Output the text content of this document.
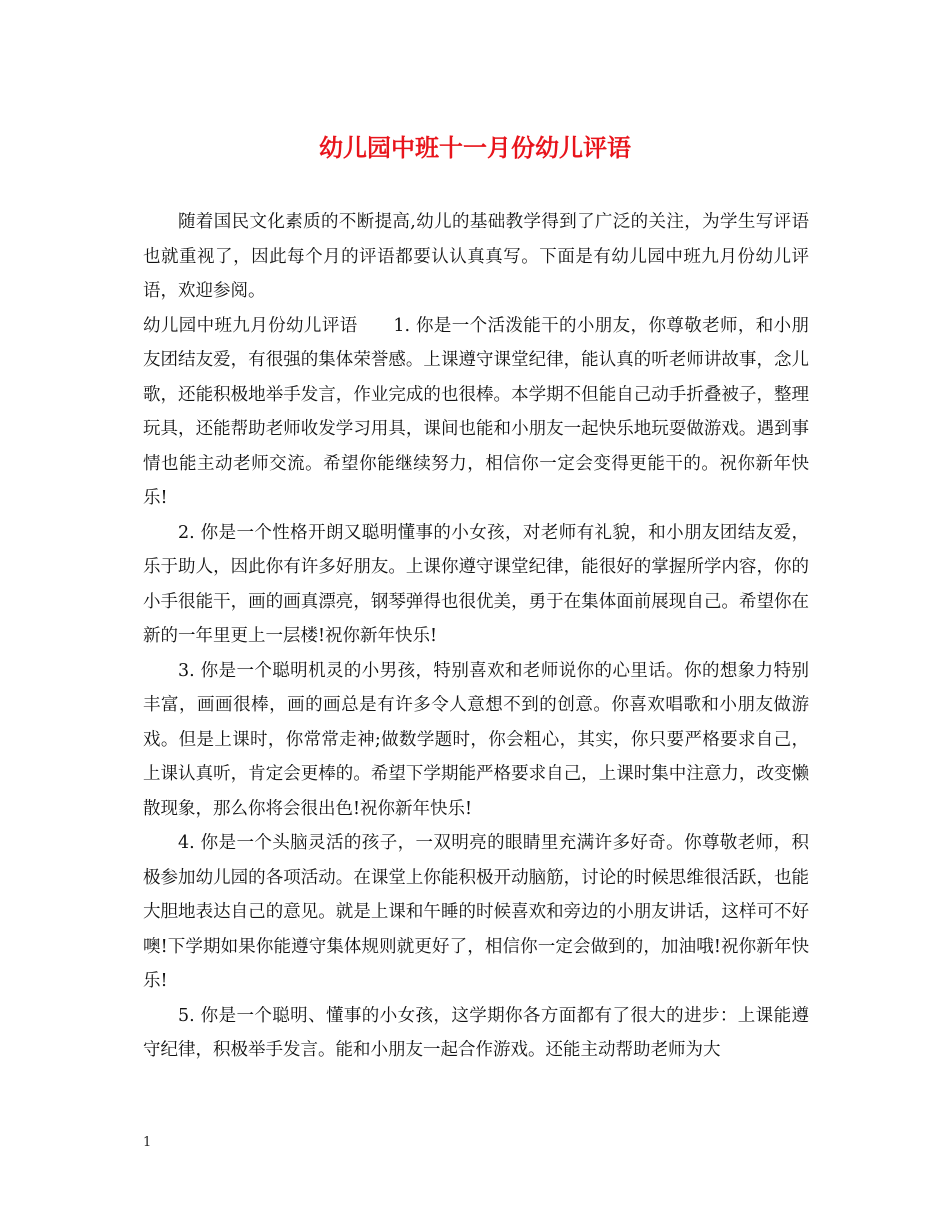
幼儿园中班十一月份幼儿评语

随着国民文化素质的不断提高,幼儿的基础教学得到了广泛的关注，为学生写评语也就重视了，因此每个月的评语都要认认真真写。下面是有幼儿园中班九月份幼儿评语，欢迎参阅。

幼儿园中班九月份幼儿评语　　1. 你是一个活泼能干的小朋友，你尊敬老师，和小朋友团结友爱，有很强的集体荣誉感。上课遵守课堂纪律，能认真的听老师讲故事，念儿歌，还能积极地举手发言，作业完成的也很棒。本学期不但能自己动手折叠被子，整理玩具，还能帮助老师收发学习用具，课间也能和小朋友一起快乐地玩耍做游戏。遇到事情也能主动老师交流。希望你能继续努力，相信你一定会变得更能干的。祝你新年快乐!

2. 你是一个性格开朗又聪明懂事的小女孩，对老师有礼貌，和小朋友团结友爱，乐于助人，因此你有许多好朋友。上课你遵守课堂纪律，能很好的掌握所学内容，你的小手很能干，画的画真漂亮，钢琴弹得也很优美，勇于在集体面前展现自己。希望你在新的一年里更上一层楼!祝你新年快乐!

3. 你是一个聪明机灵的小男孩，特别喜欢和老师说你的心里话。你的想象力特别丰富，画画很棒，画的画总是有许多令人意想不到的创意。你喜欢唱歌和小朋友做游戏。但是上课时，你常常走神;做数学题时，你会粗心，其实，你只要严格要求自己，上课认真听，肯定会更棒的。希望下学期能严格要求自己，上课时集中注意力，改变懒散现象，那么你将会很出色!祝你新年快乐!

4. 你是一个头脑灵活的孩子，一双明亮的眼睛里充满许多好奇。你尊敬老师，积极参加幼儿园的各项活动。在课堂上你能积极开动脑筋，讨论的时候思维很活跃，也能大胆地表达自己的意见。就是上课和午睡的时候喜欢和旁边的小朋友讲话，这样可不好噢!下学期如果你能遵守集体规则就更好了，相信你一定会做到的，加油哦!祝你新年快乐!

5. 你是一个聪明、懂事的小女孩，这学期你各方面都有了很大的进步：上课能遵守纪律，积极举手发言。能和小朋友一起合作游戏。还能主动帮助老师为大

1
